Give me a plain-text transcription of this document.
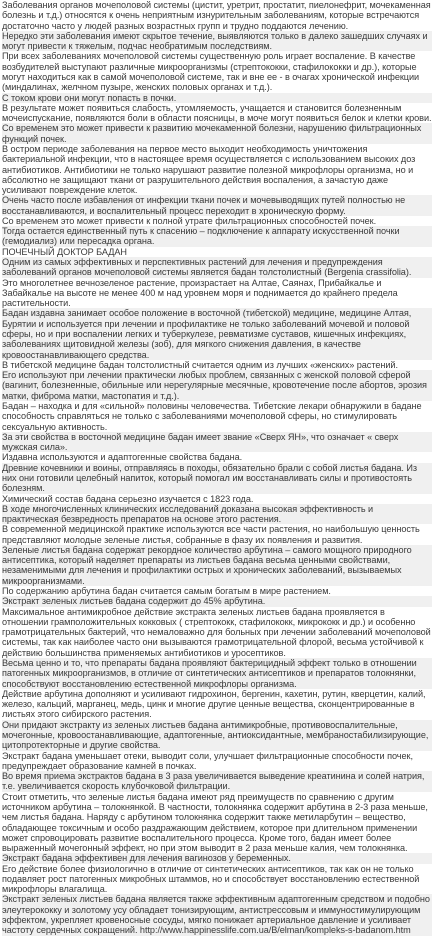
Заболевания органов мочеполовой системы (цистит, уретрит, простатит, пиелонефрит, мочекаменная болезнь и т.д.) относятся к очень неприятным изнурительным заболеваниям, которые встречаются достаточно часто у людей разных возрастных групп и трудно поддаются лечению.

Нередко эти заболевания имеют скрытое течение, выявляются только в далеко зашедших случаях и могут привести к тяжелым, подчас необратимым последствиям.

При всех заболеваниях мочеполовой системы существенную роль играет воспаление. В качестве возбудителей выступают различные микроорганизмы (стрептококки, стафилококки и др.), которые могут находиться как в самой мочеполовой системе, так и вне ее - в очагах хронической инфекции (миндалинах, желчном пузыре, женских половых органах и т.д.).

С током крови они могут попасть в почки.

В результате может появиться слабость, утомляемость, учащается и становится болезненным мочеиспускание, появляются боли в области поясницы, в моче могут появиться белок и клетки крови.

Со временем это может привести к развитию мочекаменной болезни, нарушению фильтрационных функций почек.

В остром периоде заболевания на первое место выходит необходимость уничтожения бактериальной инфекции, что в настоящее время осуществляется с использованием высоких доз антибиотиков. Антибиотики не только нарушают развитие полезной микрофлоры организма, но и абсолютно не защищают ткани от разрушительного действия воспаления, а зачастую даже усиливают повреждение клеток.

Очень часто после избавления от инфекции ткани почек и мочевыводящих путей полностью не восстанавливаются, и воспалительный процесс переходит в хроническую форму.

Со временем это может привести к полной утрате фильтрационных способностей почек.

Тогда остается единственный путь к спасению – подключение к аппарату искусственной почки (гемодиализ) или пересадка органа.

ПОЧЕЧНЫЙ ДОКТОР БАДАН

Одним из самых эффективных и перспективных растений для лечения и предупреждения заболеваний органов мочеполовой системы является бадан толстолистный (Bergenia crassifolia).

Это многолетнее вечнозеленое растение, произрастает на Алтае, Саянах, Прибайкалье и Забайкалье на высоте не менее 400 м над уровнем моря и поднимается до крайнего предела растительности.

Бадан издавна занимает особое положение в восточной (тибетской) медицине, медицине Алтая, Бурятии и используется при лечении и профилактике не только заболеваний мочевой и половой сферы, но и при воспалении легких и туберкулезе, ревматизме суставов, кишечных инфекциях, заболеваниях щитовидной железы (зоб), для мягкого снижения давления, в качестве кровоостанавливающего средства.

В тибетской медицине бадан толстолистный считается одним из лучших «женских» растений.

Его используют при лечении практически любых проблем, связанных с женской половой сферой (вагинит, болезненные, обильные или нерегулярные месячные, кровотечение после абортов, эрозия матки, фиброма матки, мастопатия и т.д.).

Бадан – находка и для «сильной» половины человечества. Тибетские лекари обнаружили в бадане способность справляться не только с заболеваниями мочеполовой сферы, но стимулировать сексуальную активность.

За эти свойства в восточной медицине бадан имеет звание «Сверх ЯН», что означает « сверх мужская сила».

Издавна используются и адаптогенные свойства бадана.

Древние кочевники и воины, отправляясь в походы, обязательно брали с собой листья бадана. Из них они готовили целебный напиток, который помогал им восстанавливать силы и противостоять болезням.

Химический состав бадана серьезно изучается с 1823 года.

В ходе многочисленных клинических исследований доказана высокая эффективность и практическая безвредность препаратов на основе этого растения.

В современной медицинской практике используются все части растения, но наибольшую ценность представляют молодые зеленые листья, собранные в фазу их появления и развития.

Зеленые листья бадана содержат рекордное количество арбутина – самого мощного природного антисептика, который наделяет препараты из листьев бадана весьма ценными свойствами, незаменимыми для лечения и профилактики острых и хронических заболеваний, вызываемых микроорганизмами.

По содержанию арбутина бадан считается самым богатым в мире растением.

Экстракт зеленых листьев бадана содержит до 45% арбутина.

Максимальное антимикробное действие экстракта зеленых листьев бадана проявляется в отношении грамположительных кокковых ( стрептококк, стафилококк, микрококк и др.) и особенно грамотрицательных бактерий, что немаловажно для больных при лечении заболеваний мочеполовой системы, так как наиболее часто они вызываются грамотрицательной флорой, весьма устойчивой к действию большинства применяемых антибиотиков и уросептиков.

Весьма ценно и то, что препараты бадана проявляют бактерицидный эффект только в отношении патогенных микроорганизмов, в отличие от синтетических антисептиков и препаратов толокнянки, способствуют восстановлению естественной микрофлоры организма.

Действие арбутина дополняют и усиливают гидрохинон, бергенин, кахетин, рутин, кверцетин, калий, железо, кальций, марганец, медь, цинк и многие другие ценные вещества, сконцентрированные в листьях этого сибирского растения.

Они придают экстракту из зеленых листьев бадана антимикробные, противовоспалительные, мочегонные, кровоостанавливающие, адаптогенные, антиоксидантные, мембраностабилизирующие, цитопротекторные и другие свойства.

Экстракт бадана уменьшает отеки, выводит соли, улучшает фильтрационные способности почек, предупреждает образование камней в почках.

Во время приема экстрактов бадана в 3 раза увеличивается выведение креатинина и солей натрия, т.е. увеличивается скорость клубочковой фильтрации.

Стоит отметить, что зеленые листья бадана имеют ряд преимуществ по сравнению с другим источником арбутина – толокнянкой. В частности, толокнянка содержит арбутина в 2-3 раза меньше, чем листья бадана. Наряду с арбутином толокнянка содержит также метиларбутин – вещество, обладающее токсичным и особо раздражающим действием, которое при длительном применении может спровоцировать развитие воспалительного процесса. Кроме того, бадан имеет более выраженный мочегонный эффект, но при этом выводит в 2 раза меньше калия, чем толокнянка.

Экстракт бадана эффективен для лечения вагинозов у беременных.

Его действие более физиологично в отличие от синтетических антисептиков, так как он не только подавляет рост патогенных микробных штаммов, но и способствует восстановлению естественной микрофлоры влагалища.

Экстракт зеленых листьев бадана является также эффективным адаптогенным средством и подобно элеутерококку и золотому усу обладает тонизирующим, антистрессовым и иммуностимулирующим эффектом, укрепляет кровеносные сосуды, мягко понижает артериальное давление и усиливает частоту сердечных сокращений. http://www.happinesslife.com.ua/B/elman/kompleks-s-badanom.htm
